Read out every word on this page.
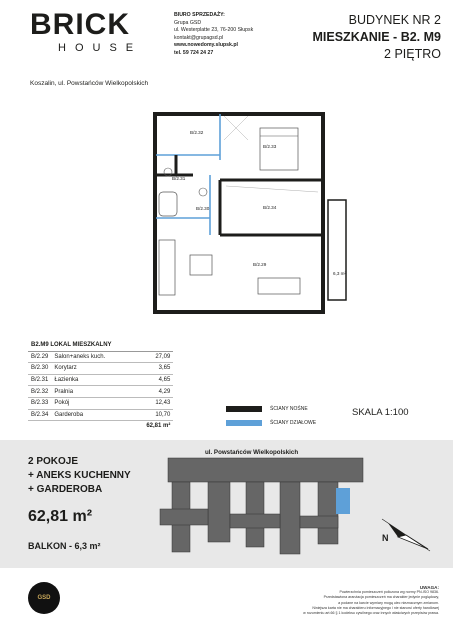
BRICK
HOUSE
Koszalin, ul. Powstańców Wielkopolskich
BIURO SPRZEDAŻY:
Grupa GSD
ul. Westerplatte 23, 76-200 Słupsk
kontakt@grupagsd.pl
www.nowedomy.slupsk.pl
tel. 59 724 24 27
BUDYNEK NR 2
MIESZKANIE - B2. M9
2 PIĘTRO
B/2.32
B/2.33
B/2.31
B/2.30	B/2.34
B/2.29
6,3 m²
B2.M9 LOKAL MIESZKALNY		
B/2.29	Salon+aneks kuch.	27,09
B/2.30	Korytarz	3,65
B/2.31	Łazienka	4,65
B/2.32	Pralnia	4,29
B/2.33	Pokój	12,43
B/2.34	Garderoba	10,70
		62,81 m²
ŚCIANY NOŚNE
ŚCIANY DZIAŁOWE
SKALA 1:100
2 POKOJE
+ ANEKS KUCHENNY
+ GARDEROBA
62,81 m²
BALKON - 6,3 m²
ul. Powstańców Wielkopolskich
N
GSD
UWAGA:
Powierzchnia pomieszczeń policzona wg normy PN-ISO 9836.
Przedstawiona aranżacja pomieszczeń ma charakter jedynie poglądowy,
a podane na karcie wymiary mogą ulec nieznacznym zmianom.
Niniejsza karta nie ma charakteru informacyjnego i nie stanowi oferty handlowej
w rozumieniu art.66 § 1 kodeksu cywilnego oraz innych właściwych przepisów prawa.
